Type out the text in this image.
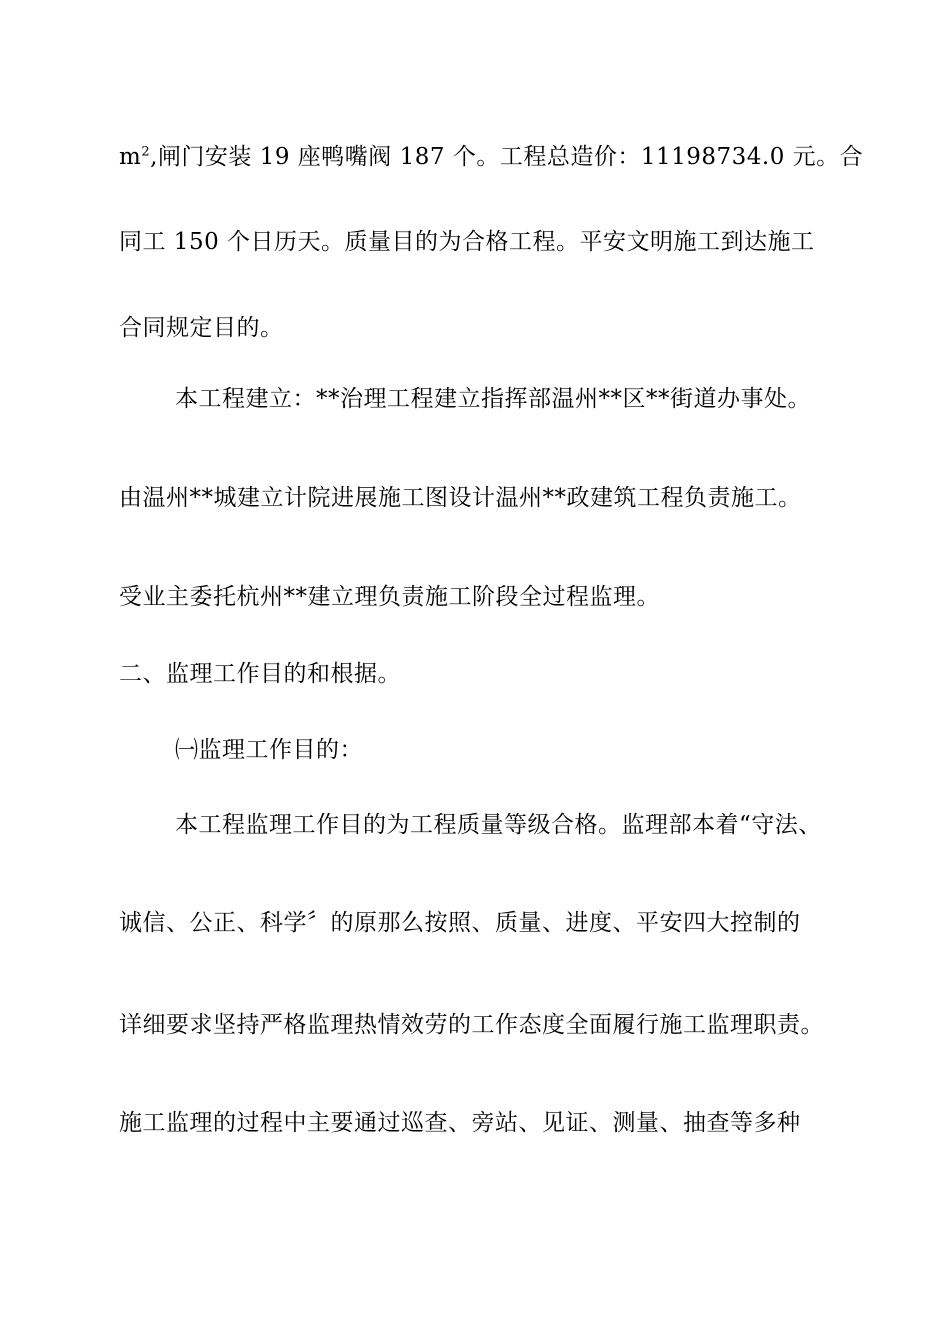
$m^2$,闸门安装 19 座鸭嘴阀 187 个。工程总造价：11198734.0 元。合
同工 150 个日历天。质量目的为合格工程。平安文明施工到达施工
合同规定目的。
本工程建立：**治理工程建立指挥部温州**区**街道办事处。
由温州**城建立计院进展施工图设计温州**政建筑工程负责施工。
受业主委托杭州**建立理负责施工阶段全过程监理。
二、监理工作目的和根据。
㈠监理工作目的：
本工程监理工作目的为工程质量等级合格。监理部本着“守法、
诚信、公正、科学〞的原那么按照、质量、进度、平安四大控制的
详细要求坚持严格监理热情效劳的工作态度全面履行施工监理职责。
施工监理的过程中主要通过巡查、旁站、见证、测量、抽查等多种
